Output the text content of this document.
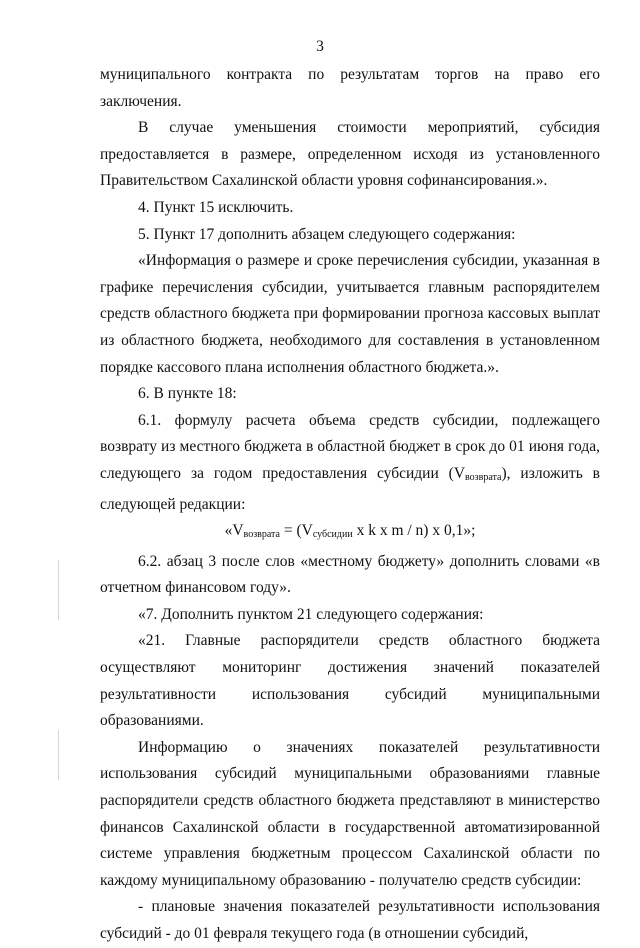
3

муниципального контракта по результатам торгов на право его заключения.

В случае уменьшения стоимости мероприятий, субсидия предоставляется в размере, определенном исходя из установленного Правительством Сахалинской области уровня софинансирования.».

4. Пункт 15 исключить.

5. Пункт 17 дополнить абзацем следующего содержания:

«Информация о размере и сроке перечисления субсидии, указанная в графике перечисления субсидии, учитывается главным распорядителем средств областного бюджета при формировании прогноза кассовых выплат из областного бюджета, необходимого для составления в установленном порядке кассового плана исполнения областного бюджета.».

6. В пункте 18:

6.1. формулу расчета объема средств субсидии, подлежащего возврату из местного бюджета в областной бюджет в срок до 01 июня года, следующего за годом предоставления субсидии $(V_{возврата})$, изложить в следующей редакции:

«$V_{возврата} = (V_{субсидии}$ x k x m / n) x 0,1»;

6.2. абзац 3 после слов «местному бюджету» дополнить словами «в отчетном финансовом году».

«7. Дополнить пунктом 21 следующего содержания:

«21. Главные распорядители средств областного бюджета осуществляют мониторинг достижения значений показателей результативности использования субсидий муниципальными образованиями.

Информацию о значениях показателей результативности использования субсидий муниципальными образованиями главные распорядители средств областного бюджета представляют в министерство финансов Сахалинской области в государственной автоматизированной системе управления бюджетным процессом Сахалинской области по каждому муниципальному образованию - получателю средств субсидии:

- плановые значения показателей результативности использования субсидий - до 01 февраля текущего года (в отношении субсидий,
